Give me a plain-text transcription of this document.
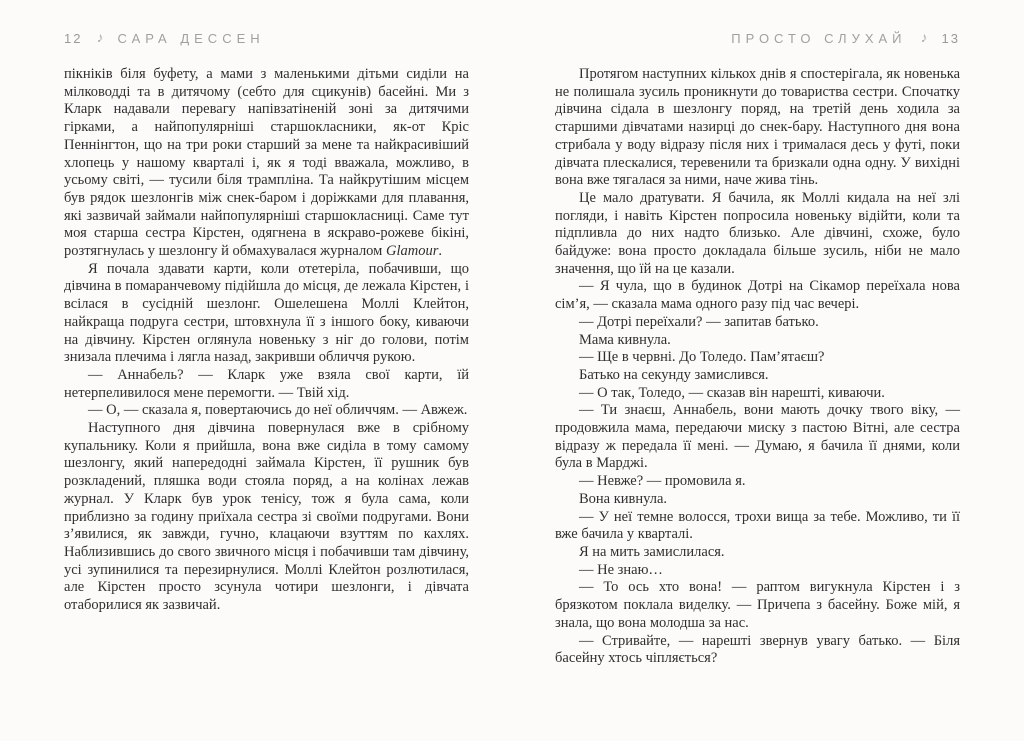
12 ♪ САРА ДЕССЕН	ПРОСТО СЛУХАЙ ♪ 13

пікніків біля буфету, а мами з маленькими дітьми сиділи на мілководді та в дитячому (себто для сцикунів) басейні. Ми з Кларк надавали перевагу напівзатіненій зоні за дитячими гірками, а найпопулярніші старшокласники, як-от Кріс Пеннінгтон, що на три роки старший за мене та найкрасивіший хлопець у нашому кварталі і, як я тоді вважала, можливо, в усьому світі, — тусили біля трампліна. Та найкрутішим місцем був рядок шезлонгів між снек-баром і доріжками для плавання, які зазвичай займали найпопулярніші старшокласниці. Саме тут моя старша сестра Кірстен, одягнена в яскраво-рожеве бікіні, розтягнулась у шезлонгу й обмахувалася журналом Glamour.

Я почала здавати карти, коли отетеріла, побачивши, що дівчина в помаранчевому підійшла до місця, де лежала Кірстен, і всілася в сусідній шезлонг. Ошелешена Моллі Клейтон, найкраща подруга сестри, штовхнула її з іншого боку, киваючи на дівчину. Кірстен оглянула новеньку з ніг до голови, потім знизала плечима і лягла назад, закривши обличчя рукою.

— Аннабель? — Кларк уже взяла свої карти, їй нетерпеливилося мене перемогти. — Твій хід.

— О, — сказала я, повертаючись до неї обличчям. — Авжеж.

Наступного дня дівчина повернулася вже в срібному купальнику. Коли я прийшла, вона вже сиділа в тому самому шезлонгу, який напередодні займала Кірстен, її рушник був розкладений, пляшка води стояла поряд, а на колінах лежав журнал. У Кларк був урок тенісу, тож я була сама, коли приблизно за годину приїхала сестра зі своїми подругами. Вони з’явилися, як завжди, гучно, клацаючи взуттям по кахлях. Наблизившись до свого звичного місця і побачивши там дівчину, усі зупинилися та перезирнулися. Моллі Клейтон розлютилася, але Кірстен просто зсунула чотири шезлонги, і дівчата отаборилися як зазвичай.

Протягом наступних кількох днів я спостерігала, як новенька не полишала зусиль проникнути до товариства сестри. Спочатку дівчина сідала в шезлонгу поряд, на третій день ходила за старшими дівчатами назирці до снек-бару. Наступного дня вона стрибала у воду відразу після них і трималася десь у футі, поки дівчата плескалися, теревенили та бризкали одна одну. У вихідні вона вже тягалася за ними, наче жива тінь.

Це мало дратувати. Я бачила, як Моллі кидала на неї злі погляди, і навіть Кірстен попросила новеньку відійти, коли та підпливла до них надто близько. Але дівчині, схоже, було байдуже: вона просто докладала більше зусиль, ніби не мало значення, що їй на це казали.

— Я чула, що в будинок Дотрі на Сікамор переїхала нова сім’я, — сказала мама одного разу під час вечері.

— Дотрі переїхали? — запитав батько.

Мама кивнула.

— Ще в червні. До Толедо. Пам’ятаєш?

Батько на секунду замислився.

— О так, Толедо, — сказав він нарешті, киваючи.

— Ти знаєш, Аннабель, вони мають дочку твого віку, — продовжила мама, передаючи миску з пастою Вітні, але сестра відразу ж передала її мені. — Думаю, я бачила її днями, коли була в Марджі.

— Невже? — промовила я.

Вона кивнула.

— У неї темне волосся, трохи вища за тебе. Можливо, ти її вже бачила у кварталі.

Я на мить замислилася.

— Не знаю…

— То ось хто вона! — раптом вигукнула Кірстен і з брязкотом поклала виделку. — Причепа з басейну. Боже мій, я знала, що вона молодша за нас.

— Стривайте, — нарешті звернув увагу батько. — Біля басейну хтось чіпляється?
